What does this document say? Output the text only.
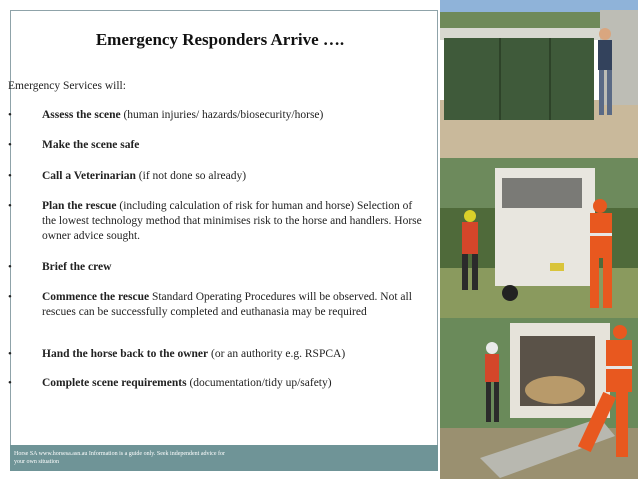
Emergency Responders Arrive ….
Emergency Services will:
•	Assess the scene (human injuries/ hazards/biosecurity/horse)
•	Make the scene safe
•	Call a Veterinarian (if not done so already)
•	Plan the rescue (including calculation of risk for human and horse) Selection of the lowest technology method that minimises risk to the horse and handlers. Horse owner advice sought.
•	Brief the crew
•	Commence the rescue Standard Operating Procedures will be observed. Not all rescues can be successfully completed and euthanasia may be required
•	Hand the horse back to the owner (or an authority e.g. RSPCA)
•	Complete scene requirements (documentation/tidy up/safety)
Horse SA www.horsesa.asn.au Information is a guide only. Seek independent advice for your own situation
